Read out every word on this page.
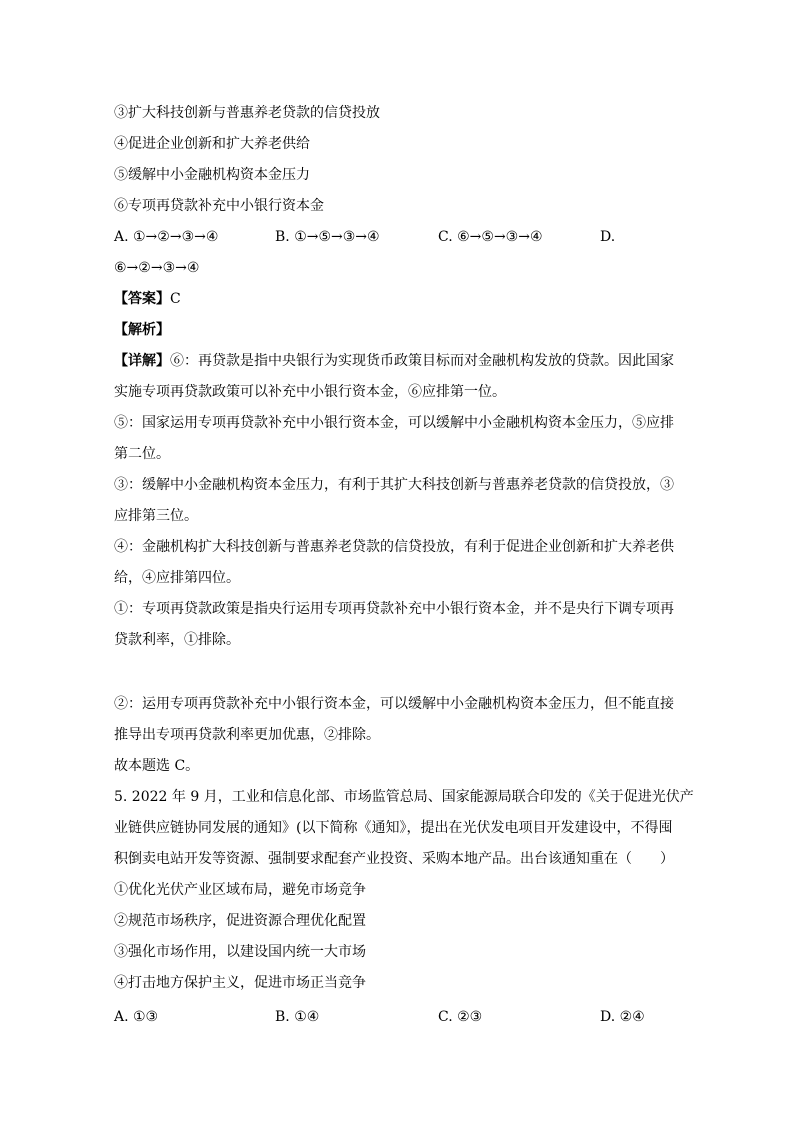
③扩大科技创新与普惠养老贷款的信贷投放
④促进企业创新和扩大养老供给
⑤缓解中小金融机构资本金压力
⑥专项再贷款补充中小银行资本金
A. ①→②→③→④	B. ①→⑤→③→④	C. ⑥→⑤→③→④	D.
⑥→②→③→④
【答案】C
【解析】
【详解】⑥：再贷款是指中央银行为实现货币政策目标而对金融机构发放的贷款。因此国家
实施专项再贷款政策可以补充中小银行资本金，⑥应排第一位。
⑤：国家运用专项再贷款补充中小银行资本金，可以缓解中小金融机构资本金压力，⑤应排
第二位。
③：缓解中小金融机构资本金压力，有利于其扩大科技创新与普惠养老贷款的信贷投放，③
应排第三位。
④：金融机构扩大科技创新与普惠养老贷款的信贷投放，有利于促进企业创新和扩大养老供
给，④应排第四位。
①：专项再贷款政策是指央行运用专项再贷款补充中小银行资本金，并不是央行下调专项再
贷款利率，①排除。
②：运用专项再贷款补充中小银行资本金，可以缓解中小金融机构资本金压力，但不能直接
推导出专项再贷款利率更加优惠，②排除。
故本题选 C。
5. 2022 年 9 月，工业和信息化部、市场监管总局、国家能源局联合印发的《关于促进光伏产
业链供应链协同发展的通知》(以下简称《通知》，提出在光伏发电项目开发建设中，不得囤
积倒卖电站开发等资源、强制要求配套产业投资、采购本地产品。出台该通知重在（　　）
①优化光伏产业区域布局，避免市场竞争
②规范市场秩序，促进资源合理优化配置
③强化市场作用，以建设国内统一大市场
④打击地方保护主义，促进市场正当竞争
A. ①③	B. ①④	C. ②③	D. ②④
